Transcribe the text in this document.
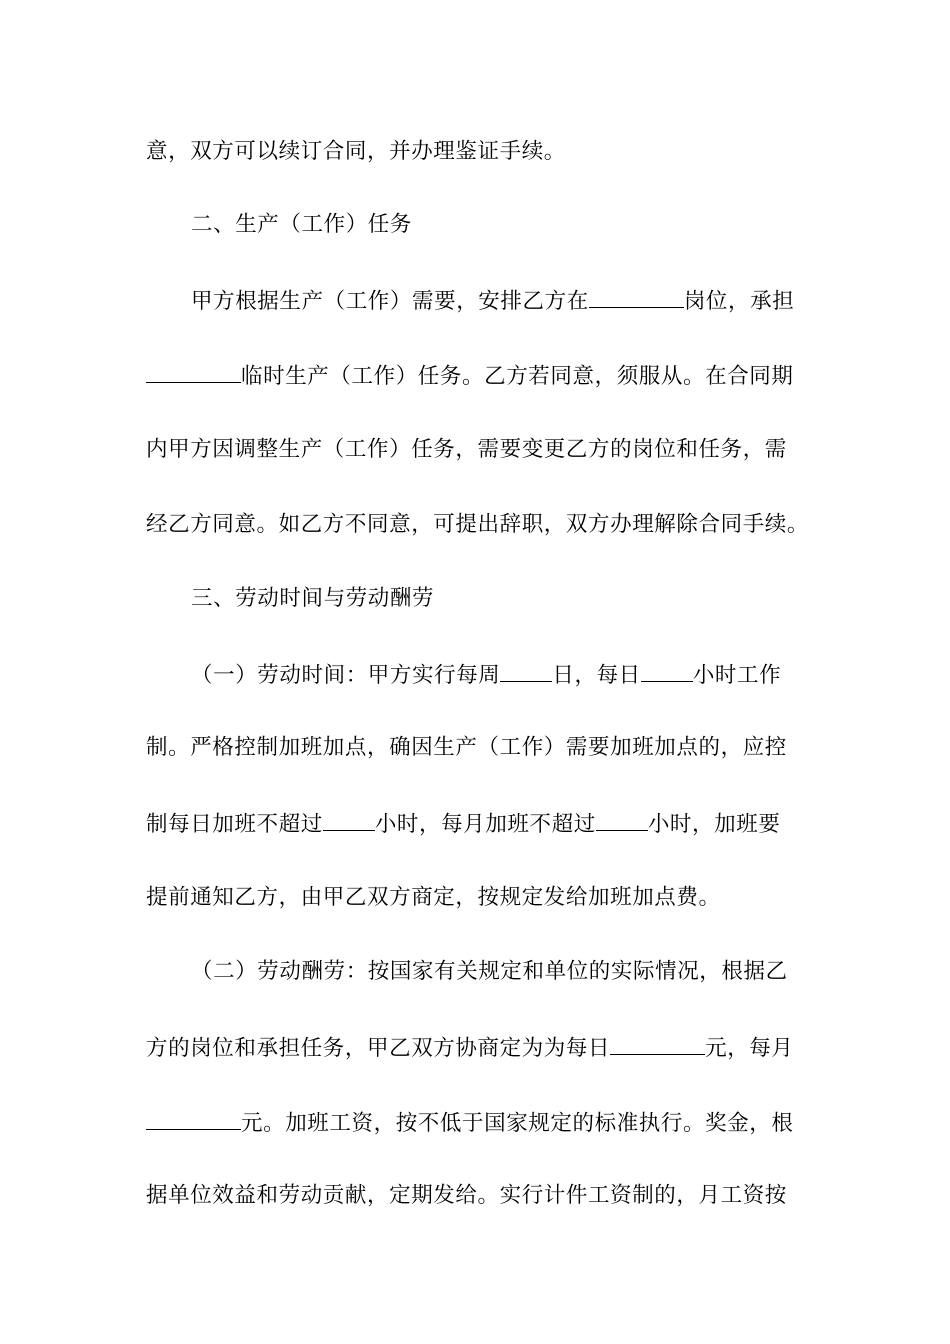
意，双方可以续订合同，并办理鉴证手续。
二、生产（工作）任务
甲方根据生产（工作）需要，安排乙方在	岗位，承担
临时生产（工作）任务。乙方若同意，须服从。在合同期
内甲方因调整生产（工作）任务，需要变更乙方的岗位和任务，需
经乙方同意。如乙方不同意，可提出辞职，双方办理解除合同手续。
三、劳动时间与劳动酬劳
（一）劳动时间：甲方实行每周 日，每日 小时工作
制。严格控制加班加点，确因生产（工作）需要加班加点的，应控
制每日加班不超过 小时，每月加班不超过 小时，加班要
提前通知乙方，由甲乙双方商定，按规定发给加班加点费。
（二）劳动酬劳：按国家有关规定和单位的实际情况，根据乙
方的岗位和承担任务，甲乙双方协商定为为每日	元，每月
元。加班工资，按不低于国家规定的标准执行。奖金，根
据单位效益和劳动贡献，定期发给。实行计件工资制的，月工资按
